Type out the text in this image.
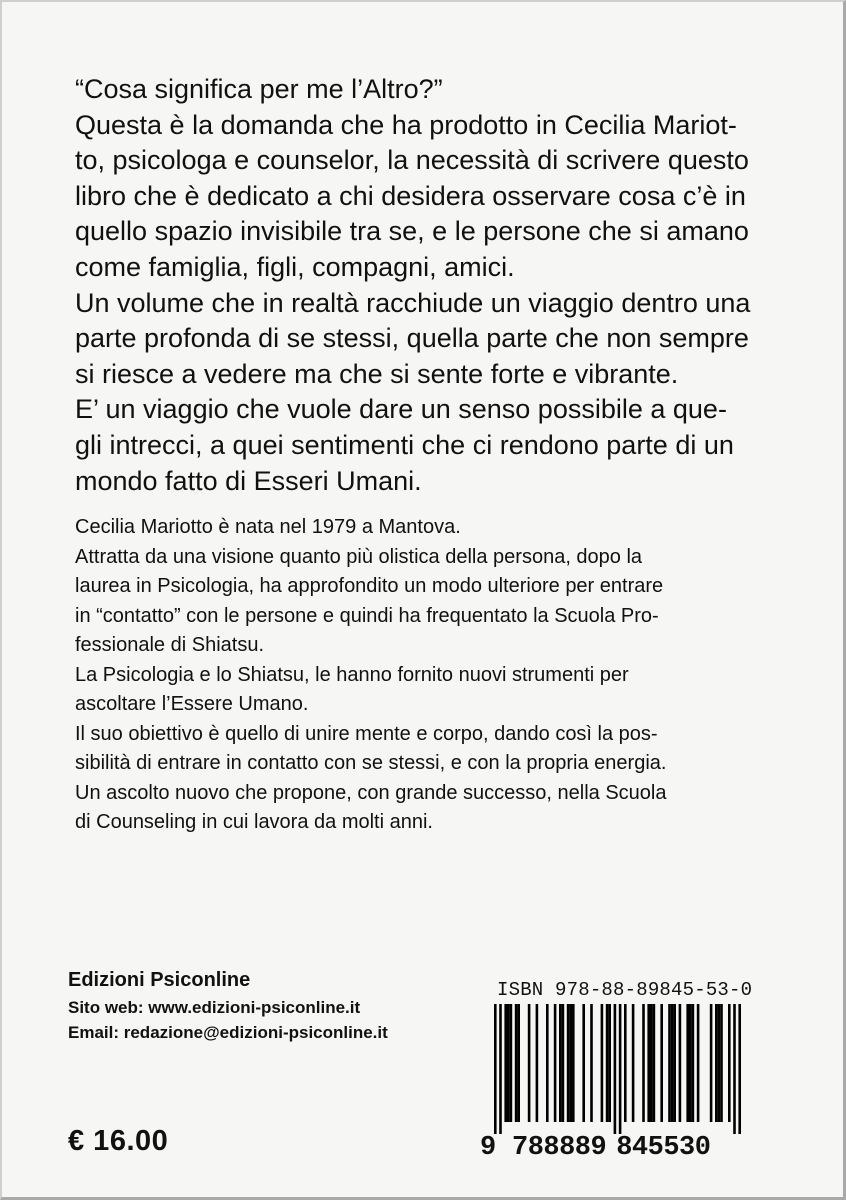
“Cosa significa per me l’Altro?”

Questa è la domanda che ha prodotto in Cecilia Mariot-

to, psicologa e counselor, la necessità di scrivere questo

libro che è dedicato a chi desidera osservare cosa c’è in

quello spazio invisibile tra se, e le persone che si amano

come famiglia, figli, compagni, amici.

Un volume che in realtà racchiude un viaggio dentro una

parte profonda di se stessi, quella parte che non sempre

si riesce a vedere ma che si sente forte e vibrante.

E’ un viaggio che vuole dare un senso possibile a que-

gli intrecci, a quei sentimenti che ci rendono parte di un

mondo fatto di Esseri Umani.

Cecilia Mariotto è nata nel 1979 a Mantova.

Attratta da una visione quanto più olistica della persona, dopo la

laurea in Psicologia, ha approfondito un modo ulteriore per entrare

in “contatto” con le persone e quindi ha frequentato la Scuola Pro-

fessionale di Shiatsu.

La Psicologia e lo Shiatsu, le hanno fornito nuovi strumenti per

ascoltare l’Essere Umano.

Il suo obiettivo è quello di unire mente e corpo, dando così la pos-

sibilità di entrare in contatto con se stessi, e con la propria energia.

Un ascolto nuovo che propone, con grande successo, nella Scuola

di Counseling in cui lavora da molti anni.

Edizioni Psiconline
Sito web: www.edizioni-psiconline.it
Email: redazione@edizioni-psiconline.it
€ 16.00
ISBN 978-88-89845-53-0
9 788889 845530
